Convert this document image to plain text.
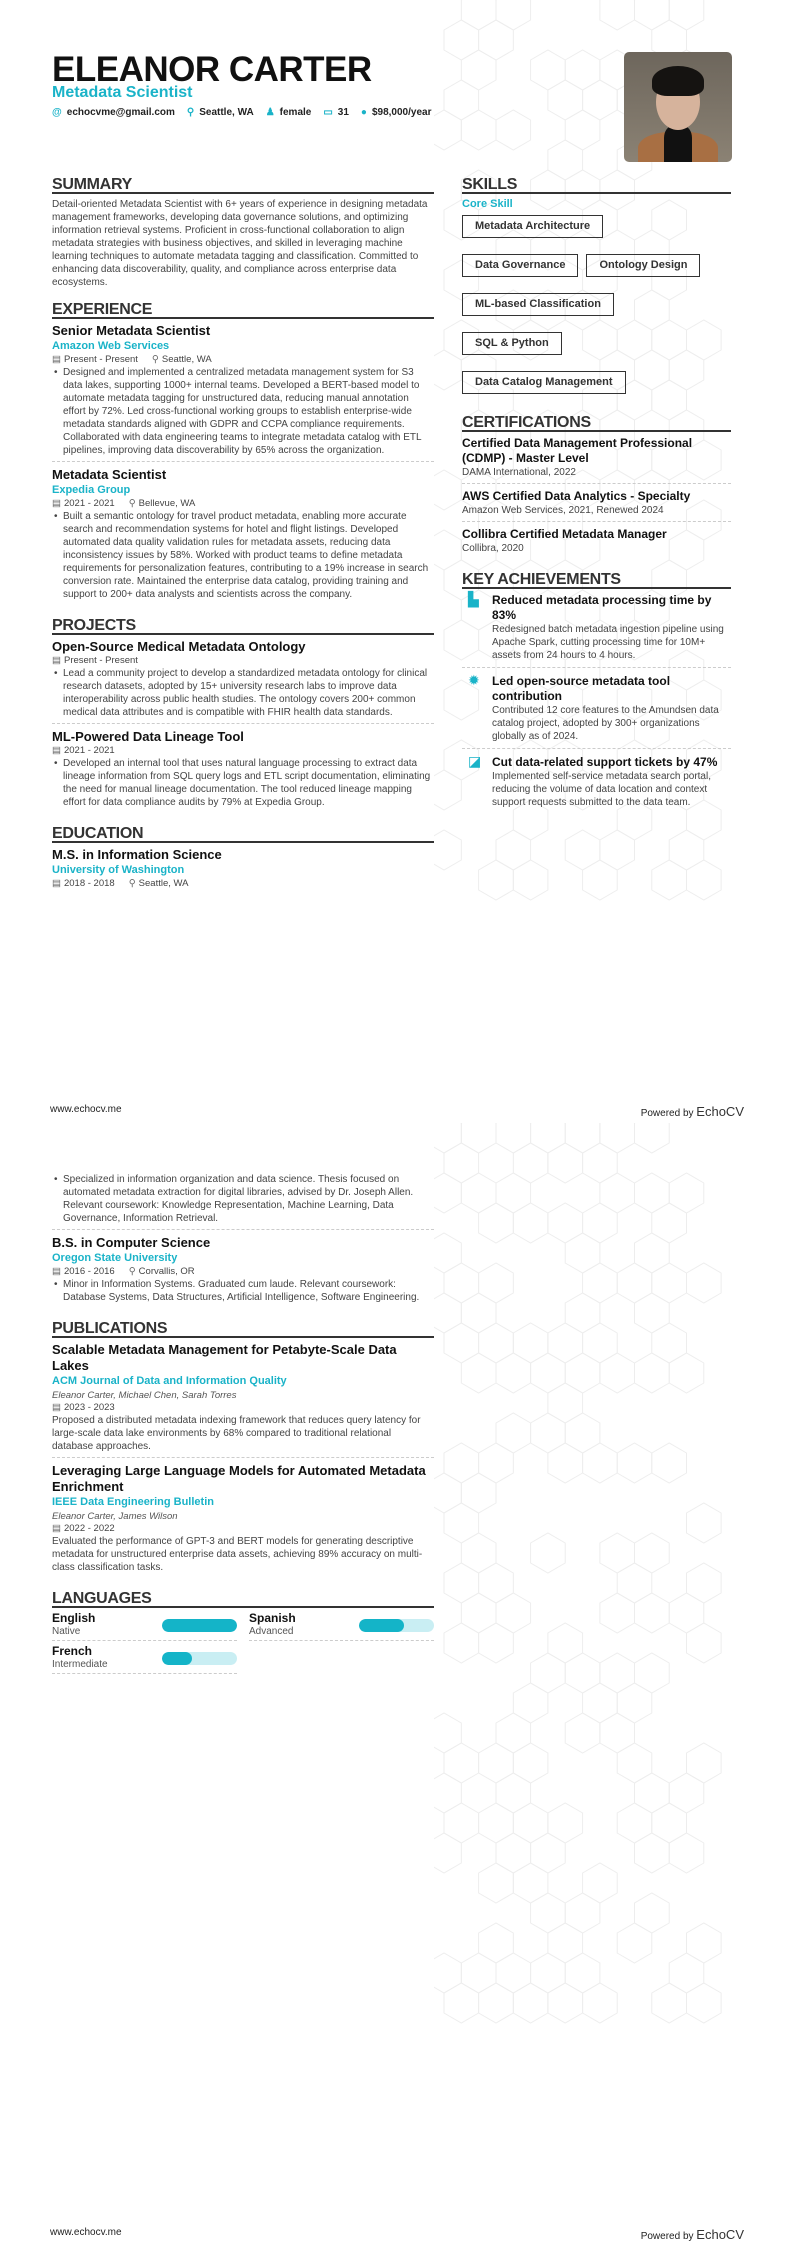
ELEANOR CARTER
Metadata Scientist
@ echocvme@gmail.com ⚲ Seattle, WA ♟ female ▭ 31 ● $98,000/year
SUMMARY
Detail-oriented Metadata Scientist with 6+ years of experience in designing metadata management frameworks, developing data governance solutions, and optimizing information retrieval systems. Proficient in cross-functional collaboration to align metadata strategies with business objectives, and skilled in leveraging machine learning techniques to automate metadata tagging and classification. Committed to enhancing data discoverability, quality, and compliance across enterprise data ecosystems.
EXPERIENCE
Senior Metadata Scientist
Amazon Web Services
▤ Present - Present ⚲ Seattle, WA
• Designed and implemented a centralized metadata management system for S3 data lakes, supporting 1000+ internal teams. Developed a BERT-based model to automate metadata tagging for unstructured data, reducing manual annotation effort by 72%. Led cross-functional working groups to establish enterprise-wide metadata standards aligned with GDPR and CCPA compliance requirements. Collaborated with data engineering teams to integrate metadata catalog with ETL pipelines, improving data discoverability by 65% across the organization.
Metadata Scientist
Expedia Group
▤ 2021 - 2021 ⚲ Bellevue, WA
• Built a semantic ontology for travel product metadata, enabling more accurate search and recommendation systems for hotel and flight listings. Developed automated data quality validation rules for metadata assets, reducing data inconsistency issues by 58%. Worked with product teams to define metadata requirements for personalization features, contributing to a 19% increase in search conversion rate. Maintained the enterprise data catalog, providing training and support to 200+ data analysts and scientists across the company.
PROJECTS
Open-Source Medical Metadata Ontology
▤ Present - Present
• Lead a community project to develop a standardized metadata ontology for clinical research datasets, adopted by 15+ university research labs to improve data interoperability across public health studies. The ontology covers 200+ common medical data attributes and is compatible with FHIR health data standards.
ML-Powered Data Lineage Tool
▤ 2021 - 2021
• Developed an internal tool that uses natural language processing to extract data lineage information from SQL query logs and ETL script documentation, eliminating the need for manual lineage documentation. The tool reduced lineage mapping effort for data compliance audits by 79% at Expedia Group.
EDUCATION
M.S. in Information Science
University of Washington
▤ 2018 - 2018 ⚲ Seattle, WA
SKILLS
Core Skill
Metadata Architecture
Data Governance	Ontology Design
ML-based Classification
SQL & Python
Data Catalog Management
CERTIFICATIONS
Certified Data Management Professional (CDMP) - Master Level
DAMA International, 2022
AWS Certified Data Analytics - Specialty
Amazon Web Services, 2021, Renewed 2024
Collibra Certified Metadata Manager
Collibra, 2020
KEY ACHIEVEMENTS
▙ Reduced metadata processing time by 83%
Redesigned batch metadata ingestion pipeline using Apache Spark, cutting processing time for 10M+ assets from 24 hours to 4 hours.
✹ Led open-source metadata tool contribution
Contributed 12 core features to the Amundsen data catalog project, adopted by 300+ organizations globally as of 2024.
◪ Cut data-related support tickets by 47%
Implemented self-service metadata search portal, reducing the volume of data location and context support requests submitted to the data team.
www.echocv.me	Powered by EchoCV
• Specialized in information organization and data science. Thesis focused on automated metadata extraction for digital libraries, advised by Dr. Joseph Allen. Relevant coursework: Knowledge Representation, Machine Learning, Data Governance, Information Retrieval.
B.S. in Computer Science
Oregon State University
▤ 2016 - 2016 ⚲ Corvallis, OR
• Minor in Information Systems. Graduated cum laude. Relevant coursework: Database Systems, Data Structures, Artificial Intelligence, Software Engineering.
PUBLICATIONS
Scalable Metadata Management for Petabyte-Scale Data Lakes
ACM Journal of Data and Information Quality
Eleanor Carter, Michael Chen, Sarah Torres
▤ 2023 - 2023
Proposed a distributed metadata indexing framework that reduces query latency for large-scale data lake environments by 68% compared to traditional relational database approaches.
Leveraging Large Language Models for Automated Metadata Enrichment
IEEE Data Engineering Bulletin
Eleanor Carter, James Wilson
▤ 2022 - 2022
Evaluated the performance of GPT-3 and BERT models for generating descriptive metadata for unstructured enterprise data assets, achieving 89% accuracy on multi-class classification tasks.
LANGUAGES
English
Native
Spanish
Advanced
French
Intermediate
www.echocv.me	Powered by EchoCV
